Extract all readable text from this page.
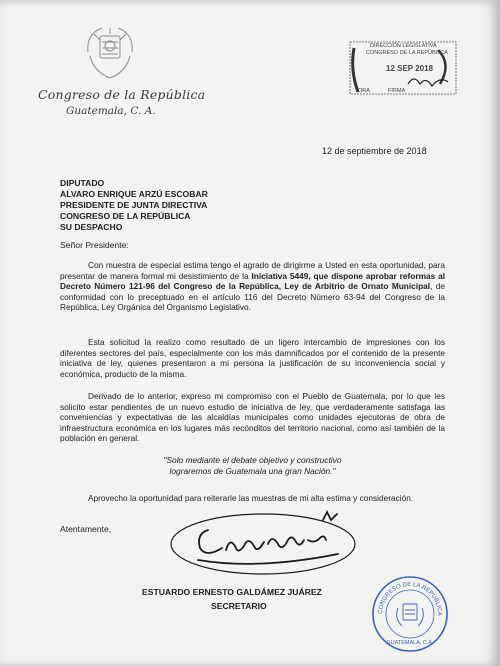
Congreso de la República
Guatemala, C. A.
DIRECCIÓN LEGISLATIVA
CONGRESO DE LA REPÚBLICA
12 SEP 2018
ORA	FIRMA
12 de septiembre de 2018
DIPUTADO
ALVARO ENRIQUE ARZÚ ESCOBAR
PRESIDENTE DE JUNTA DIRECTIVA
CONGRESO DE LA REPÚBLICA
SU DESPACHO
Señor Presidente:
Con muestra de especial estima tengo el agrado de dirigirme a Usted en esta oportunidad, para presentar de manera formal mi desistimiento de la Iniciativa 5449, que dispone aprobar reformas al Decreto Número 121-96 del Congreso de la República, Ley de Arbitrio de Ornato Municipal, de conformidad con lo preceptuado en el artículo 116 del Decreto Número 63-94 del Congreso de la República, Ley Orgánica del Organismo Legislativo.
Esta solicitud la realizo como resultado de un ligero intercambio de impresiones con los diferentes sectores del país, especialmente con los más damnificados por el contenido de la presente iniciativa de ley, quienes presentaron a mi persona la justificación de su inconveniencia social y económica, producto de la misma.
Derivado de lo anterior, expreso mi compromiso con el Pueblo de Guatemala, por lo que les solicito estar pendientes de un nuevo estudio de iniciativa de ley, que verdaderamente satisfaga las conveniencias y expectativas de las alcaldías municipales como unidades ejecutoras de obra de infraestructura económica en los lugares más recónditos del territorio nacional, como así también de la población en general.
"Solo mediante el debate objetivo y constructivo
lograremos de Guatemala una gran Nación."
Aprovecho la oportunidad para reiterarle las muestras de mi alta estima y consideración.
Atentamente,
ESTUARDO ERNESTO GALDÁMEZ JUÁREZ
SECRETARIO
CONGRESO DE LA REPÚBLICA
GUATEMALA, C.A.
